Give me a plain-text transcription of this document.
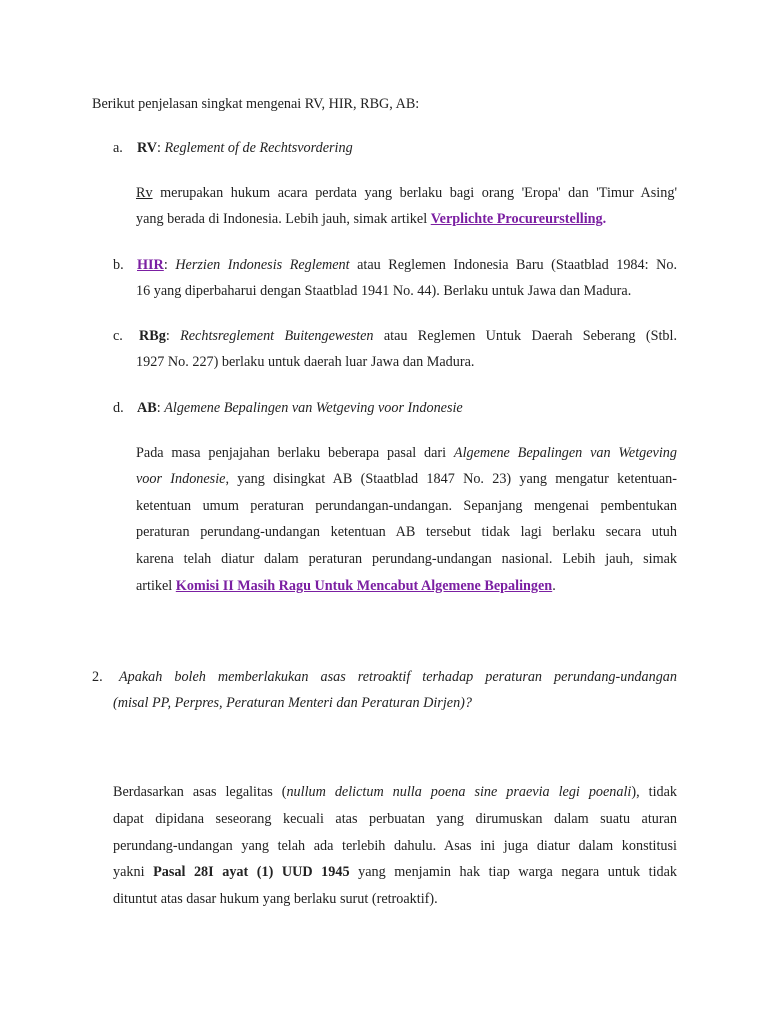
Berikut penjelasan singkat mengenai RV, HIR, RBG, AB:

a. RV: Reglement of de Rechtsvordering

Rv merupakan hukum acara perdata yang berlaku bagi orang 'Eropa' dan 'Timur Asing'

yang berada di Indonesia. Lebih jauh, simak artikel Verplichte Procureurstelling.

b. HIR: Herzien Indonesis Reglement atau Reglemen Indonesia Baru (Staatblad 1984: No.

16 yang diperbaharui dengan Staatblad 1941 No. 44). Berlaku untuk Jawa dan Madura.

c. RBg: Rechtsreglement Buitengewesten atau Reglemen Untuk Daerah Seberang (Stbl.

1927 No. 227) berlaku untuk daerah luar Jawa dan Madura.

d. AB: Algemene Bepalingen van Wetgeving voor Indonesie

Pada masa penjajahan berlaku beberapa pasal dari Algemene Bepalingen van Wetgeving

voor Indonesie, yang disingkat AB (Staatblad 1847 No. 23) yang mengatur ketentuan-

ketentuan umum peraturan perundangan-undangan. Sepanjang mengenai pembentukan

peraturan perundang-undangan ketentuan AB tersebut tidak lagi berlaku secara utuh

karena telah diatur dalam peraturan perundang-undangan nasional. Lebih jauh, simak

artikel Komisi II Masih Ragu Untuk Mencabut Algemene Bepalingen.

2. Apakah boleh memberlakukan asas retroaktif terhadap peraturan perundang-undangan

(misal PP, Perpres, Peraturan Menteri dan Peraturan Dirjen)?

Berdasarkan asas legalitas (nullum delictum nulla poena sine praevia legi poenali), tidak

dapat dipidana seseorang kecuali atas perbuatan yang dirumuskan dalam suatu aturan

perundang-undangan yang telah ada terlebih dahulu. Asas ini juga diatur dalam konstitusi

yakni Pasal 28I ayat (1) UUD 1945 yang menjamin hak tiap warga negara untuk tidak

dituntut atas dasar hukum yang berlaku surut (retroaktif).
